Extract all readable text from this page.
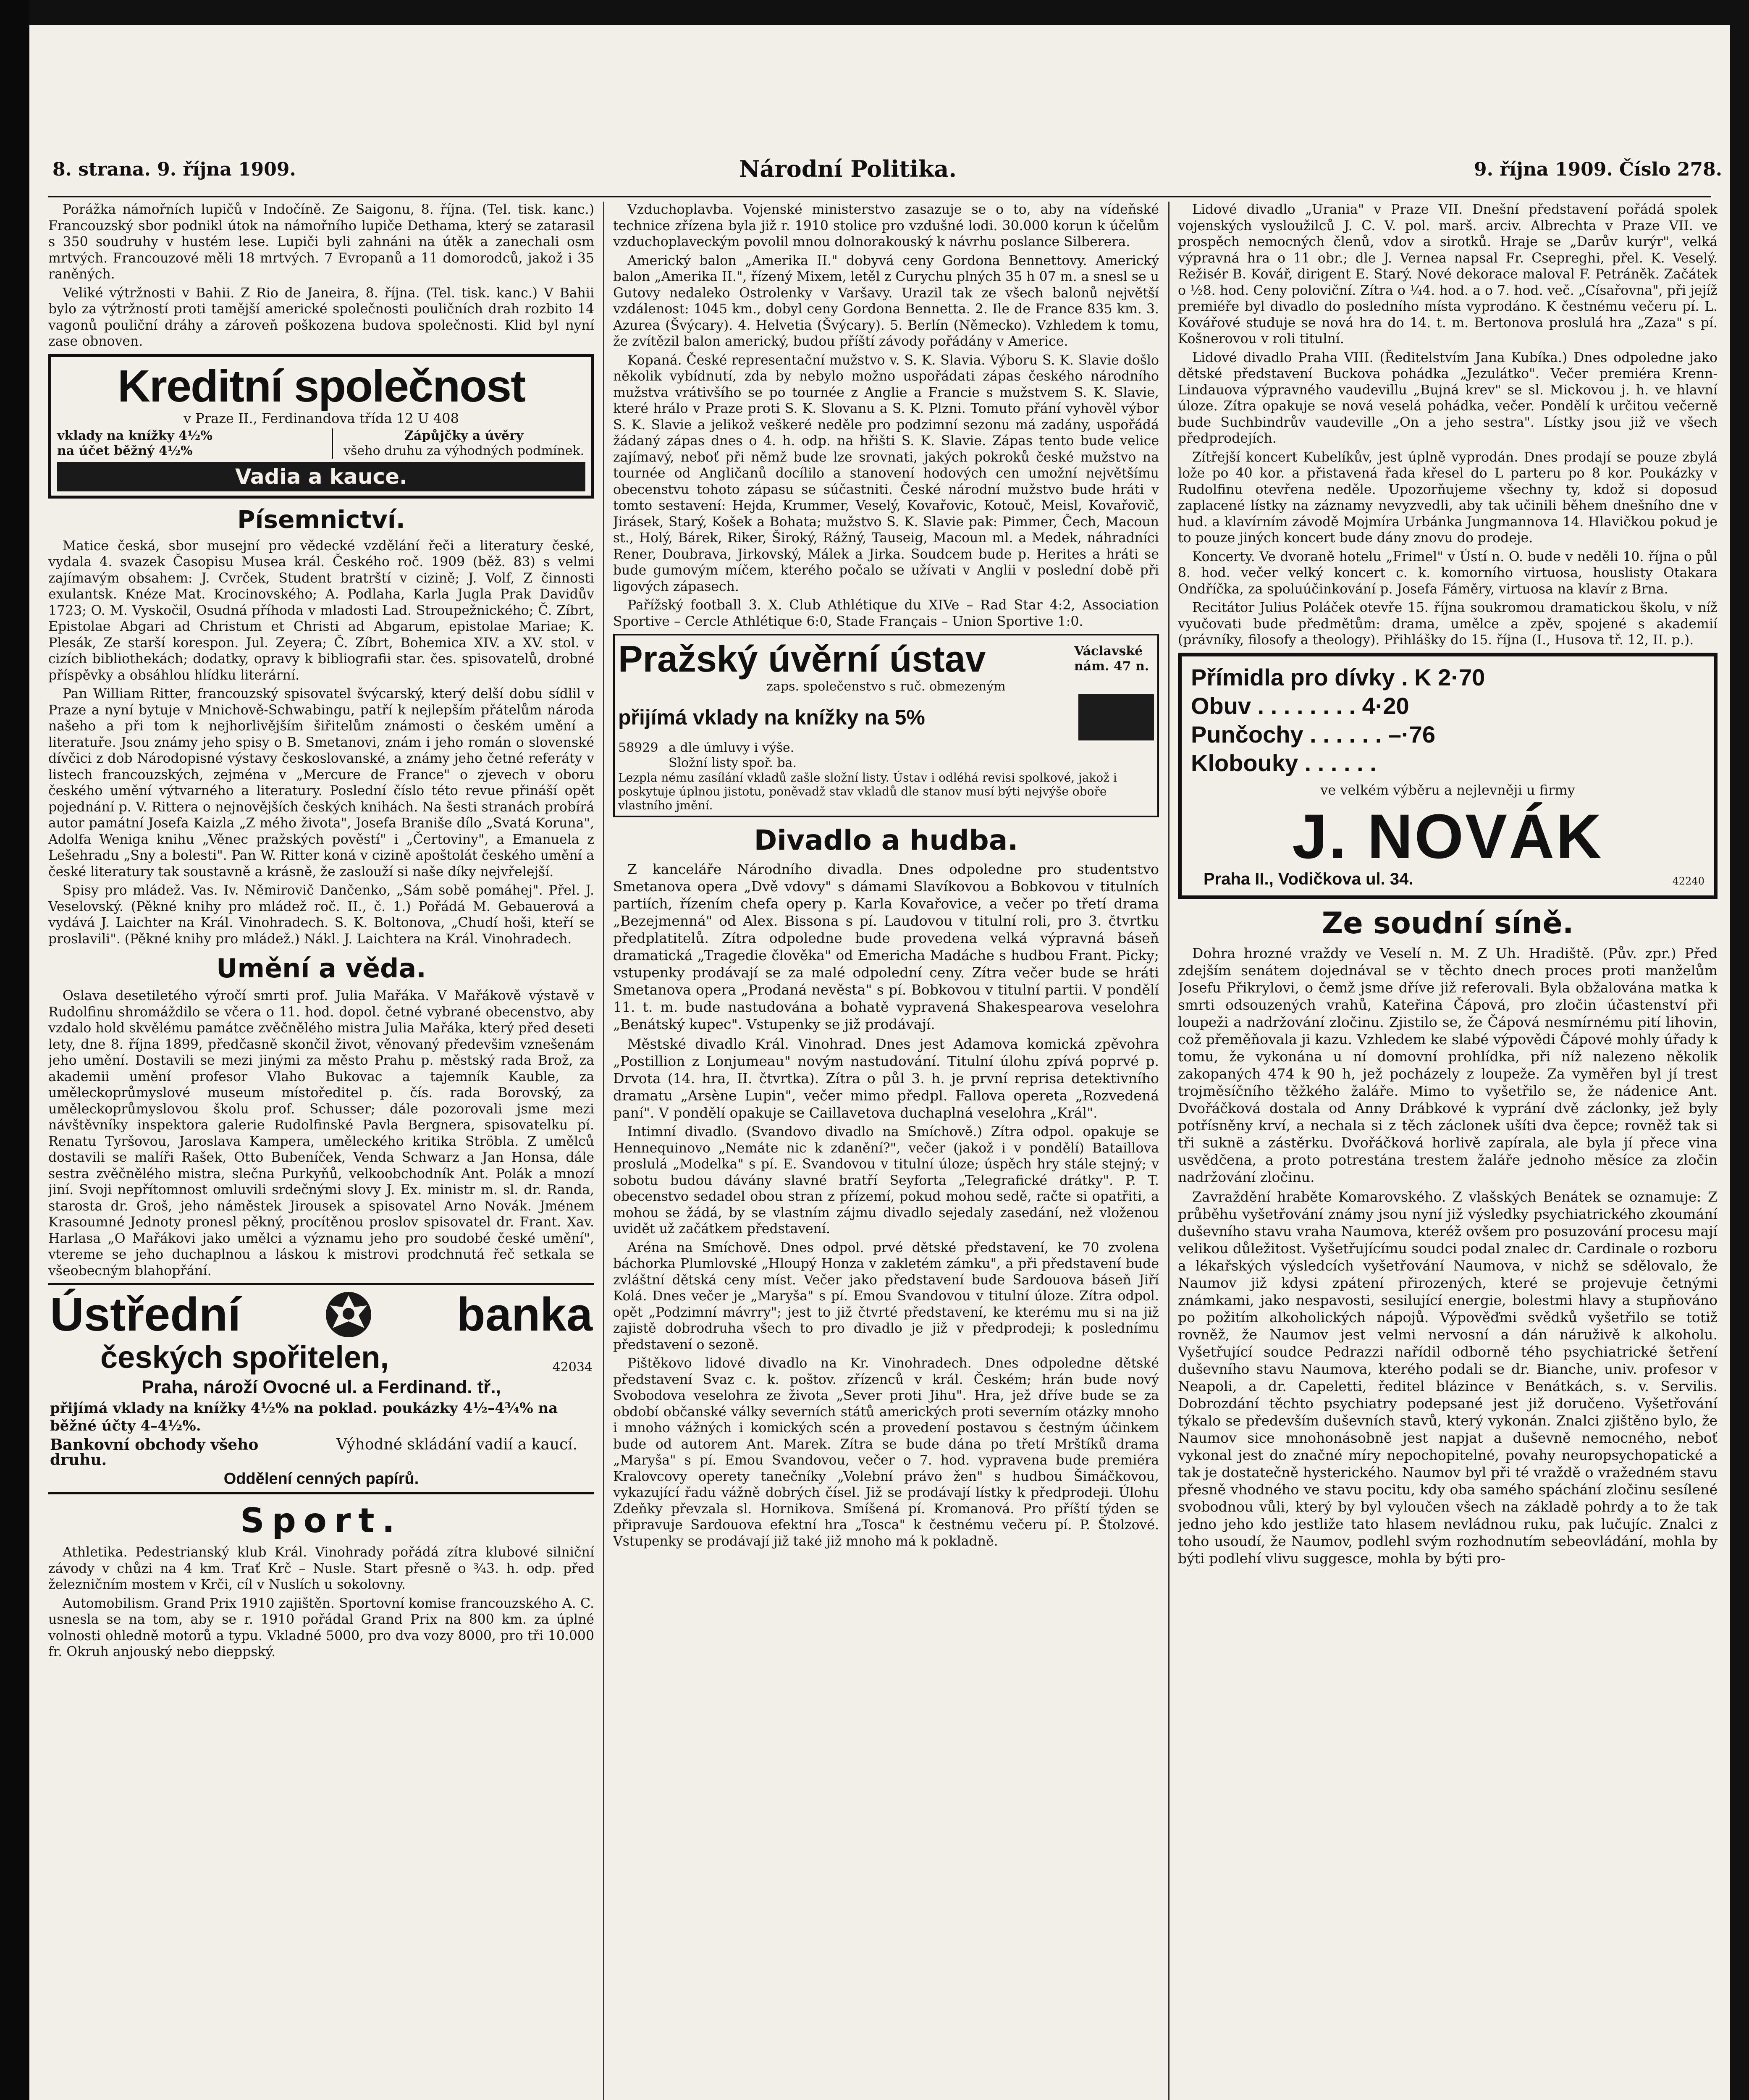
8. strana. 9. října 1909.	Národní Politika.	9. října 1909. Číslo 278.

Porážka námořních lupičů v Indočíně. Ze Saigonu, 8. října. (Tel. tisk. kanc.) Francouzský sbor podnikl útok na námořního lupiče Dethama, který se zatarasil s 350 soudruhy v hustém lese. Lupiči byli zahnáni na útěk a zanechali osm mrtvých. Francouzové měli 18 mrtvých. 7 Evropanů a 11 domorodců, jakož i 35 raněných.

Veliké výtržnosti v Bahii. Z Rio de Janeira, 8. října. (Tel. tisk. kanc.) V Bahii bylo za výtržností proti tamější americké společnosti pouličních drah rozbito 14 vagonů pouliční dráhy a zároveň poškozena budova společnosti. Klid byl nyní zase obnoven.

Kreditní společnost
v Praze II., Ferdinandova třída 12 U 408
vklady na knížky 4½%
na účet běžný 4½%
Zápůjčky a úvěry
všeho druhu za výhodných podmínek.
Vadia a kauce.
Písemnictví.

Matice česká, sbor musejní pro vědecké vzdělání řeči a literatury české, vydala 4. svazek Časopisu Musea král. Českého roč. 1909 (běž. 83) s velmi zajímavým obsahem: J. Cvrček, Student bratrští v cizině; J. Volf, Z činnosti exulantsk. Knéze Mat. Krocinovského; A. Podlaha, Karla Jugla Prak Davidův 1723; O. M. Vyskočil, Osudná příhoda v mladosti Lad. Stroupežnického; Č. Zíbrt, Epistolae Abgari ad Christum et Christi ad Abgarum, epistolae Mariae; K. Plesák, Ze starší korespon. Jul. Zeyera; Č. Zíbrt, Bohemica XIV. a XV. stol. v cizích bibliothekách; dodatky, opravy k bibliografii star. čes. spisovatelů, drobné příspěvky a obsáhlou hlídku literární.

Pan William Ritter, francouzský spisovatel švýcarský, který delší dobu sídlil v Praze a nyní bytuje v Mnichově-Schwabingu, patří k nejlepším přátelům národa našeho a při tom k nejhorlivějším šiřitelům známosti o českém umění a literatuře. Jsou známy jeho spisy o B. Smetanovi, znám i jeho román o slovenské dívčici z dob Národopisné výstavy českoslovanské, a známy jeho četné referáty v listech francouzských, zejména v „Mercure de France" o zjevech v oboru českého umění výtvarného a literatury. Poslední číslo této revue přináší opět pojednání p. V. Rittera o nejnovějších českých knihách. Na šesti stranách probírá autor památní Josefa Kaizla „Z mého života", Josefa Braniše dílo „Svatá Koruna", Adolfa Weniga knihu „Věnec pražských pověstí" i „Čertoviny", a Emanuela z Lešehradu „Sny a bolesti". Pan W. Ritter koná v cizině apoštolát českého umění a české literatury tak soustavně a krásně, že zaslouží si naše díky nejvřelejší.

Spisy pro mládež. Vas. Iv. Němirovič Dančenko, „Sám sobě pomáhej". Přel. J. Veselovský. (Pěkné knihy pro mládež roč. II., č. 1.) Pořádá M. Gebauerová a vydává J. Laichter na Král. Vinohradech. S. K. Boltonova, „Chudí hoši, kteří se proslavili". (Pěkné knihy pro mládež.) Nákl. J. Laichtera na Král. Vinohradech.

Umění a věda.

Oslava desetiletého výročí smrti prof. Julia Mařáka. V Mařákově výstavě v Rudolfinu shromáždilo se včera o 11. hod. dopol. četné vybrané obecenstvo, aby vzdalo hold skvělému památce zvěčnělého mistra Julia Mařáka, který před deseti lety, dne 8. října 1899, předčasně skončil život, věnovaný předevšim vznešenám jeho umění. Dostavili se mezi jinými za město Prahu p. městský rada Brož, za akademii umění profesor Vlaho Bukovac a tajemník Kauble, za uměleckoprůmyslové museum místoředitel p. čís. rada Borovský, za uměleckoprůmyslovou školu prof. Schusser; dále pozorovali jsme mezi návštěvníky inspektora galerie Rudolfinské Pavla Bergnera, spisovatelku pí. Renatu Tyršovou, Jaroslava Kampera, uměleckého kritika Ströbla. Z umělců dostavili se malíři Rašek, Otto Bubeníček, Venda Schwarz a Jan Honsa, dále sestra zvěčnělého mistra, slečna Purkyňů, velkoobchodník Ant. Polák a mnozí jiní. Svoji nepřítomnost omluvili srdečnými slovy J. Ex. ministr m. sl. dr. Randa, starosta dr. Groš, jeho náměstek Jirousek a spisovatel Arno Novák. Jménem Krasoumné Jednoty pronesl pěkný, procítěnou proslov spisovatel dr. Frant. Xav. Harlasa „O Mařákovi jako umělci a významu jeho pro soudobé české umění", vtereme se jeho duchaplnou a láskou k mistrovi prodchnutá řeč setkala se všeobecným blahopřání.

Ústřední	banka
českých spořitelen,	42034
Praha, nároží Ovocné ul. a Ferdinand. tř.,
přijímá vklady na knížky 4½% na poklad. poukázky 4½–4¾% na běžné účty 4–4½%.
Bankovní obchody všeho druhu.
Výhodné skládání vadií a kaucí.
Oddělení cenných papírů.
Sport.

Athletika. Pedestrianský klub Král. Vinohrady pořádá zítra klubové silniční závody v chůzi na 4 km. Trať Krč – Nusle. Start přesně o ¾3. h. odp. před železničním mostem v Krči, cíl v Nuslích u sokolovny.

Automobilism. Grand Prix 1910 zajištěn. Sportovní komise francouzského A. C. usnesla se na tom, aby se r. 1910 pořádal Grand Prix na 800 km. za úplné volnosti ohledně motorů a typu. Vkladné 5000, pro dva vozy 8000, pro tři 10.000 fr. Okruh anjouský nebo dieppský.

Vzduchoplavba. Vojenské ministerstvo zasazuje se o to, aby na vídeňské technice zřízena byla již r. 1910 stolice pro vzdušné lodi. 30.000 korun k účelům vzduchoplaveckým povolil mnou dolnorakouský k návrhu poslance Silberera.

Americký balon „Amerika II." dobyvá ceny Gordona Bennettovy. Americký balon „Amerika II.", řízený Mixem, letěl z Curychu plných 35 h 07 m. a snesl se u Gutovy nedaleko Ostrolenky v Varšavy. Urazil tak ze všech balonů největší vzdálenost: 1045 km., dobyl ceny Gordona Bennetta. 2. Ile de France 835 km. 3. Azurea (Švýcary). 4. Helvetia (Švýcary). 5. Berlín (Německo). Vzhledem k tomu, že zvítězil balon americký, budou příští závody pořádány v Americe.

Kopaná. České representační mužstvo v. S. K. Slavia. Výboru S. K. Slavie došlo několik vybídnutí, zda by nebylo možno uspořádati zápas českého národního mužstva vrátivšího se po tournée z Anglie a Francie s mužstvem S. K. Slavie, které hrálo v Praze proti S. K. Slovanu a S. K. Plzni. Tomuto přání vyhověl výbor S. K. Slavie a jelikož veškeré neděle pro podzimní sezonu má zadány, uspořádá žádaný zápas dnes o 4. h. odp. na hřišti S. K. Slavie. Zápas tento bude velice zajímavý, neboť při němž bude lze srovnati, jakých pokroků české mužstvo na tournée od Angličanů docílilo a stanovení hodových cen umožní největšímu obecenstvu tohoto zápasu se súčastniti. České národní mužstvo bude hráti v tomto sestavení: Hejda, Krummer, Veselý, Kovařovic, Kotouč, Meisl, Kovařovič, Jirásek, Starý, Košek a Bohata; mužstvo S. K. Slavie pak: Pimmer, Čech, Macoun st., Holý, Bárek, Riker, Široký, Rážný, Tauseig, Macoun ml. a Medek, náhradníci Rener, Doubrava, Jirkovský, Málek a Jirka. Soudcem bude p. Herites a hráti se bude gumovým míčem, kterého počalo se užívati v Anglii v poslední době při ligových zápasech.

Pařížský football 3. X. Club Athlétique du XIVe – Rad Star 4:2, Association Sportive – Cercle Athlétique 6:0, Stade Français – Union Sportive 1:0.

Pražský úvěrní ústav	Václavské nám. 47 n.
zaps. společenstvo s ruč. obmezeným
přijímá vklady na knížky na 5%
58929 a dle úmluvy i výše.
Složní listy spoř. ba.
Lezpla nému zasílání vkladů zašle složní listy. Ústav i odléhá revisi spolkové, jakož i poskytuje úplnou jistotu, poněvadž stav vkladů dle stanov musí býti nejvýše oboře vlastního jmění.
Divadlo a hudba.

Z kanceláře Národního divadla. Dnes odpoledne pro studentstvo Smetanova opera „Dvě vdovy" s dámami Slavíkovou a Bobkovou v titulních partiích, řízením chefa opery p. Karla Kovařovice, a večer po třetí drama „Bezejmenná" od Alex. Bissona s pí. Laudovou v titulní roli, pro 3. čtvrtku předplatitelů. Zítra odpoledne bude provedena velká výpravná báseň dramatická „Tragedie člověka" od Emericha Madáche s hudbou Frant. Picky; vstupenky prodávají se za malé odpolední ceny. Zítra večer bude se hráti Smetanova opera „Prodaná nevěsta" s pí. Bobkovou v titulní partii. V pondělí 11. t. m. bude nastudována a bohatě vypravená Shakespearova veselohra „Benátský kupec". Vstupenky se již prodávají.

Městské divadlo Král. Vinohrad. Dnes jest Adamova komická zpěvohra „Postillion z Lonjumeau" novým nastudování. Titulní úlohu zpívá poprvé p. Drvota (14. hra, II. čtvrtka). Zítra o půl 3. h. je první reprisa detektivního dramatu „Arsène Lupin", večer mimo předpl. Fallova opereta „Rozvedená paní". V pondělí opakuje se Caillavetova duchaplná veselohra „Král".

Intimní divadlo. (Svandovo divadlo na Smíchově.) Zítra odpol. opakuje se Hennequinovo „Nemáte nic k zdanění?", večer (jakož i v pondělí) Bataillova proslulá „Modelka" s pí. E. Svandovou v titulní úloze; úspěch hry stále stejný; v sobotu budou dávány slavné bratří Seyforta „Telegrafické drátky". P. T. obecenstvo sedadel obou stran z přízemí, pokud mohou sedě, račte si opatřiti, a mohou se žádá, by se vlastním zájmu divadlo sejedaly zasedání, než vloženou uvidět už začátkem představení.

Aréna na Smíchově. Dnes odpol. prvé dětské představení, ke 70 zvolena báchorka Plumlovské „Hloupý Honza v zakletém zámku", a při představení bude zvláštní dětská ceny míst. Večer jako představení bude Sardouova báseň Jiří Kolá. Dnes večer je „Maryša" s pí. Emou Svandovou v titulní úloze. Zítra odpol. opět „Podzimní mávrry"; jest to již čtvrté představení, ke kterému mu si na již zajistě dobrodruha všech to pro divadlo je již v předprodeji; k poslednímu představení o sezoně.

Pištěkovo lidové divadlo na Kr. Vinohradech. Dnes odpoledne dětské představení Svaz c. k. poštov. zřízenců v král. Českém; hrán bude nový Svobodova veselohra ze života „Sever proti Jihu". Hra, jež dříve bude se za období občanské války severních států amerických proti severním otázky mnoho i mnoho vážných i komických scén a provedení postavou s čestným účinkem bude od autorem Ant. Marek. Zítra se bude dána po třetí Mrštíků drama „Maryša" s pí. Emou Svandovou, večer o 7. hod. vypravena bude premiéra Kralovcovy operety tanečníky „Volební právo žen" s hudbou Šimáčkovou, vykazující řadu vážně dobrých čísel. Již se prodávají lístky k předprodeji. Úlohu Zdeňky převzala sl. Hornikova. Smíšená pí. Kromanová. Pro příští týden se připravuje Sardouova efektní hra „Tosca" k čestnému večeru pí. P. Štolzové. Vstupenky se prodávají již také již mnoho má k pokladně.

Lidové divadlo „Urania" v Praze VII. Dnešní představení pořádá spolek vojenských vysloužilců J. C. V. pol. marš. arciv. Albrechta v Praze VII. ve prospěch nemocných členů, vdov a sirotků. Hraje se „Darův kurýr", velká výpravná hra o 11 obr.; dle J. Vernea napsal Fr. Csepreghi, přel. K. Veselý. Režisér B. Kovář, dirigent E. Starý. Nové dekorace maloval F. Petráněk. Začátek o ½8. hod. Ceny poloviční. Zítra o ¼4. hod. a o 7. hod. več. „Císařovna", při jejíž premiéře byl divadlo do posledního místa vyprodáno. K čestnému večeru pí. L. Kovářové studuje se nová hra do 14. t. m. Bertonova proslulá hra „Zaza" s pí. Košnerovou v roli titulní.

Lidové divadlo Praha VIII. (Ředitelstvím Jana Kubíka.) Dnes odpoledne jako dětské představení Buckova pohádka „Jezulátko". Večer premiéra Krenn-Lindauova výpravného vaudevillu „Bujná krev" se sl. Mickovou j. h. ve hlavní úloze. Zítra opakuje se nová veselá pohádka, večer. Pondělí k určitou večerně bude Suchbindrův vaudeville „On a jeho sestra". Lístky jsou již ve všech předprodejích.

Zítřejší koncert Kubelíkův, jest úplně vyprodán. Dnes prodají se pouze zbylá lože po 40 kor. a přistavená řada křesel do L parteru po 8 kor. Poukázky v Rudolfinu otevřena neděle. Upozorňujeme všechny ty, kdož si doposud zaplacené lístky na záznamy nevyzvedli, aby tak učinili během dnešního dne v hud. a klavírním závodě Mojmíra Urbánka Jungmannova 14. Hlavičkou pokud je to pouze jiných koncert bude dány znovu do prodeje.

Koncerty. Ve dvoraně hotelu „Frimel" v Ústí n. O. bude v neděli 10. října o půl 8. hod. večer velký koncert c. k. komorního virtuosa, houslisty Otakara Ondříčka, za spoluúčinkování p. Josefa Fáměry, virtuosa na klavír z Brna.

Recitátor Julius Poláček otevře 15. října soukromou dramatickou školu, v níž vyučovati bude předmětům: drama, umělce a zpěv, spojené s akademií (právníky, filosofy a theology). Přihlášky do 15. října (I., Husova tř. 12, II. p.).

Přímidla pro dívky . K 2·70
Obuv . . . . . . . . 4·20
Punčochy . . . . . . –·76
Klobouky . . . . . .
ve velkém výběru a nejlevněji u firmy
J. NOVÁK
Praha II., Vodičkova ul. 34.	42240
Ze soudní síně.

Dohra hrozné vraždy ve Veselí n. M. Z Uh. Hradiště. (Pův. zpr.) Před zdejším senátem dojednával se v těchto dnech proces proti manželům Josefu Přikrylovi, o čemž jsme dříve již referovali. Byla obžalována matka k smrti odsouzených vrahů, Kateřina Čápová, pro zločin účastenství při loupeži a nadržování zločinu. Zjistilo se, že Čápová nesmírnému pití lihovin, což přeměňovala ji kazu. Vzhledem ke slabé výpovědi Čápové mohly úřady k tomu, že vykonána u ní domovní prohlídka, při níž nalezeno několik zakopaných 474 k 90 h, jež pocházely z loupeže. Za vyměřen byl jí trest trojměsíčního těžkého žaláře. Mimo to vyšetřilo se, že nádenice Ant. Dvořáčková dostala od Anny Drábkové k vyprání dvě záclonky, jež byly potřísněny krví, a nechala si z těch záclonek ušíti dva čepce; rovněž tak si tři suknë a zástěrku. Dvořáčková horlivě zapírala, ale byla jí přece vina usvědčena, a proto potrestána trestem žaláře jednoho měsíce za zločin nadržování zločinu.

Zavraždění hraběte Komarovského. Z vlašských Benátek se oznamuje: Z průběhu vyšetřování známy jsou nyní již výsledky psychiatrického zkoumání duševního stavu vraha Naumova, kteréž ovšem pro posuzování procesu mají velikou důležitost. Vyšetřujícímu soudci podal znalec dr. Cardinale o rozboru a lékařských výsledcích vyšetřování Naumova, v nichž se sdělovalo, že Naumov již kdysi zpátení přirozených, které se projevuje četnými známkami, jako nespavosti, sesilující energie, bolestmi hlavy a stupňováno po požitím alkoholických nápojů. Výpověďmi svědků vyšetřilo se totiž rovněž, že Naumov jest velmi nervosní a dán náruživě k alkoholu. Vyšetřující soudce Pedrazzi nařídil odborně tého psychiatrické šetření duševního stavu Naumova, kterého podali se dr. Bianche, univ. profesor v Neapoli, a dr. Capeletti, ředitel blázince v Benátkách, s. v. Servilis. Dobrozdání těchto psychiatry podepsané jest již doručeno. Vyšetřování týkalo se především duševních stavů, který vykonán. Znalci zjištěno bylo, že Naumov sice mnohonásobně jest napjat a duševně nemocného, neboť vykonal jest do značné míry nepochopitelné, povahy neuropsychopatické a tak je dostatečně hysterického. Naumov byl při té vraždě o vražedném stavu přesně vhodného ve stavu pocitu, kdy oba samého spáchání zločinu sesílené svobodnou vůli, který by byl vyloučen všech na základě pohrdy a to že tak jedno jeho kdo jestliže tato hlasem nevládnou ruku, pak lučujíc. Znalci z toho usoudí, že Naumov, podlehl svým rozhodnutím sebeovládání, mohla by býti podlehí vlivu suggesce, mohla by býti pro-
